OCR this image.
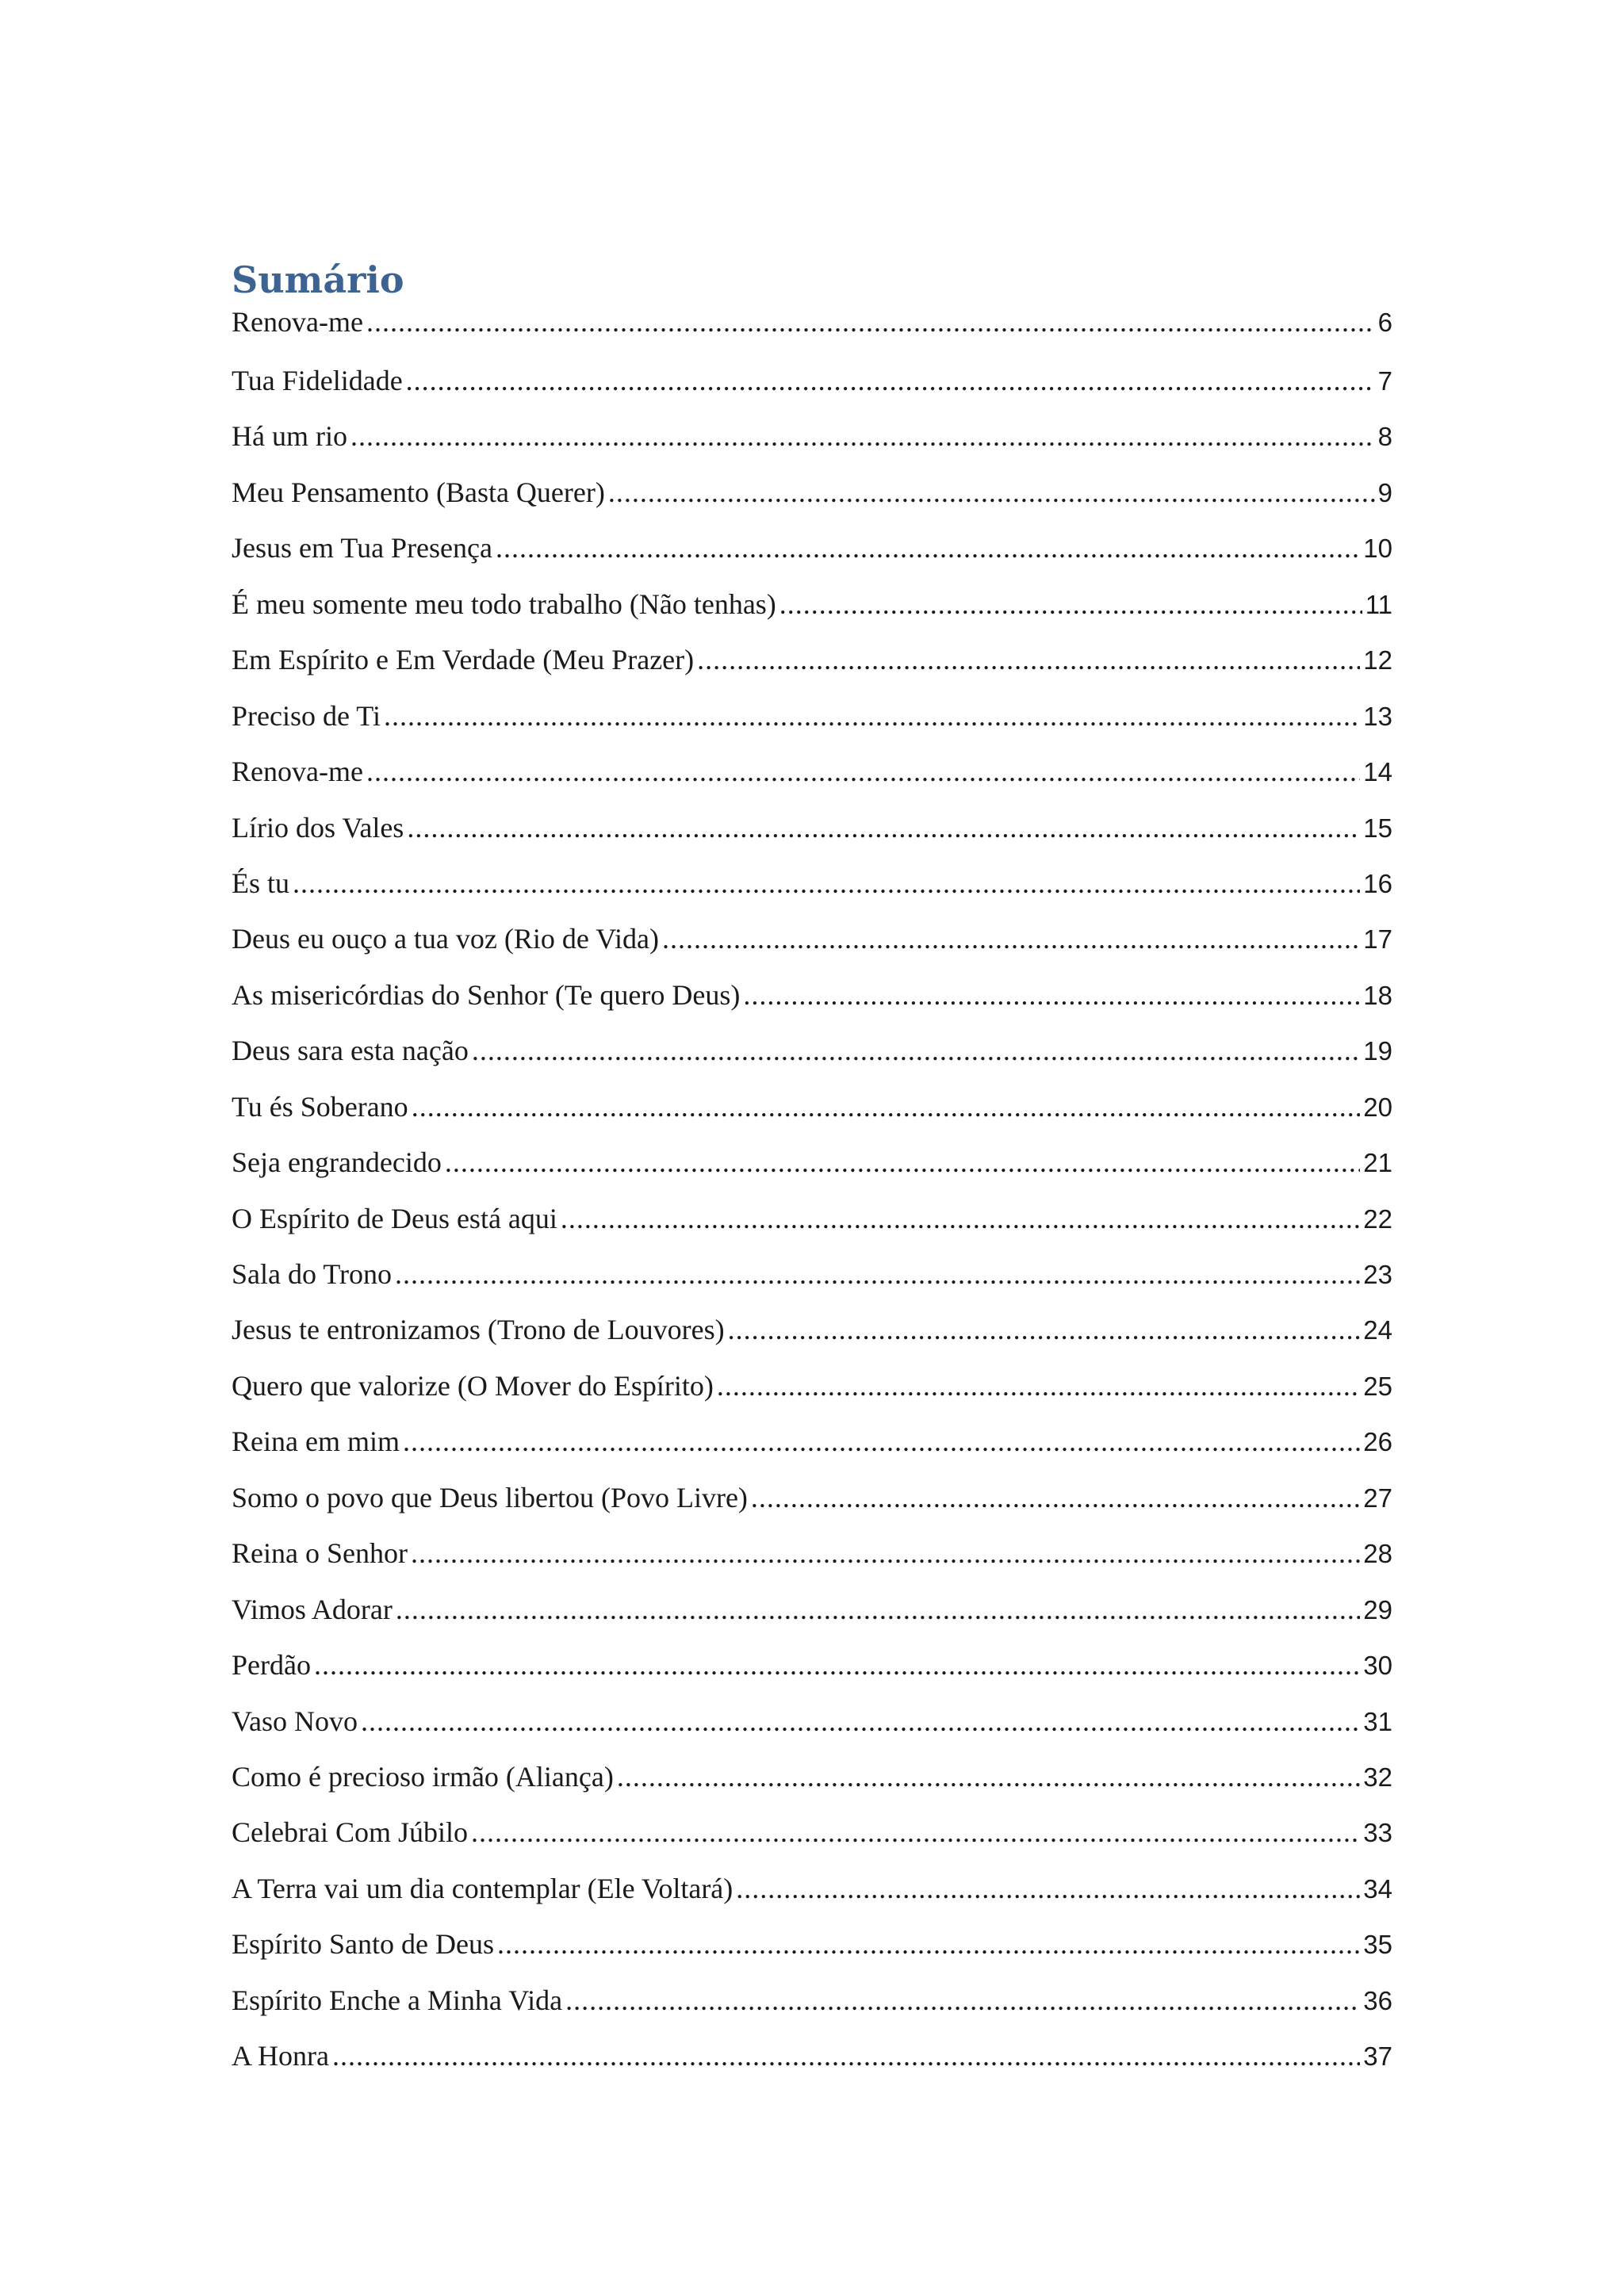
Sumário
Renova-me .....	6
Tua Fidelidade .....	7
Há um rio .....	8
Meu Pensamento (Basta Querer) .....	9
Jesus em Tua Presença .....	10
É meu somente meu todo trabalho (Não tenhas) .....	11
Em Espírito e Em Verdade (Meu Prazer) .....	12
Preciso de Ti .....	13
Renova-me .....	14
Lírio dos Vales .....	15
És tu .....	16
Deus eu ouço a tua voz (Rio de Vida) .....	17
As misericórdias do Senhor (Te quero Deus) .....	18
Deus sara esta nação .....	19
Tu és Soberano .....	20
Seja engrandecido .....	21
O Espírito de Deus está aqui .....	22
Sala do Trono .....	23
Jesus te entronizamos (Trono de Louvores) .....	24
Quero que valorize (O Mover do Espírito) .....	25
Reina em mim .....	26
Somo o povo que Deus libertou (Povo Livre) .....	27
Reina o Senhor .....	28
Vimos Adorar .....	29
Perdão .....	30
Vaso Novo .....	31
Como é precioso irmão (Aliança) .....	32
Celebrai Com Júbilo .....	33
A Terra vai um dia contemplar (Ele Voltará) .....	34
Espírito Santo de Deus .....	35
Espírito Enche a Minha Vida .....	36
A Honra .....	37
